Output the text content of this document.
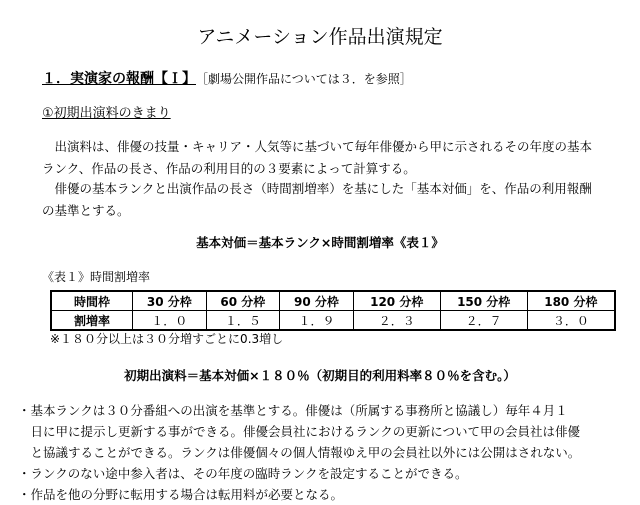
アニメーション作品出演規定
１．実演家の報酬【Ｉ】 ［劇場公開作品については３．を参照］
①初期出演料のきまり
　出演料は、俳優の技量・キャリア・人気等に基づいて毎年俳優から甲に示されるその年度の基本
ランク、作品の長さ、作品の利用目的の３要素によって計算する。
　俳優の基本ランクと出演作品の長さ（時間割増率）を基にした「基本対価」を、作品の利用報酬
の基準とする。
基本対価＝基本ランク×時間割増率《表１》
《表１》時間割増率
時間枠	30 分枠	60 分枠	90 分枠	120 分枠	150 分枠	180 分枠
割増率	１．０	１．５	１．９	２．３	２．７	３．０
※１８０分以上は３０分増すごとに0.3増し
初期出演料＝基本対価×１８０％（初期目的利用料率８０％を含む。）
・基本ランクは３０分番組への出演を基準とする。俳優は（所属する事務所と協議し）毎年４月１
　日に甲に提示し更新する事ができる。俳優会員社におけるランクの更新について甲の会員社は俳優
　と協議することができる。ランクは俳優個々の個人情報ゆえ甲の会員社以外には公開はされない。
・ランクのない途中参入者は、その年度の臨時ランクを設定することができる。
・作品を他の分野に転用する場合は転用料が必要となる。
